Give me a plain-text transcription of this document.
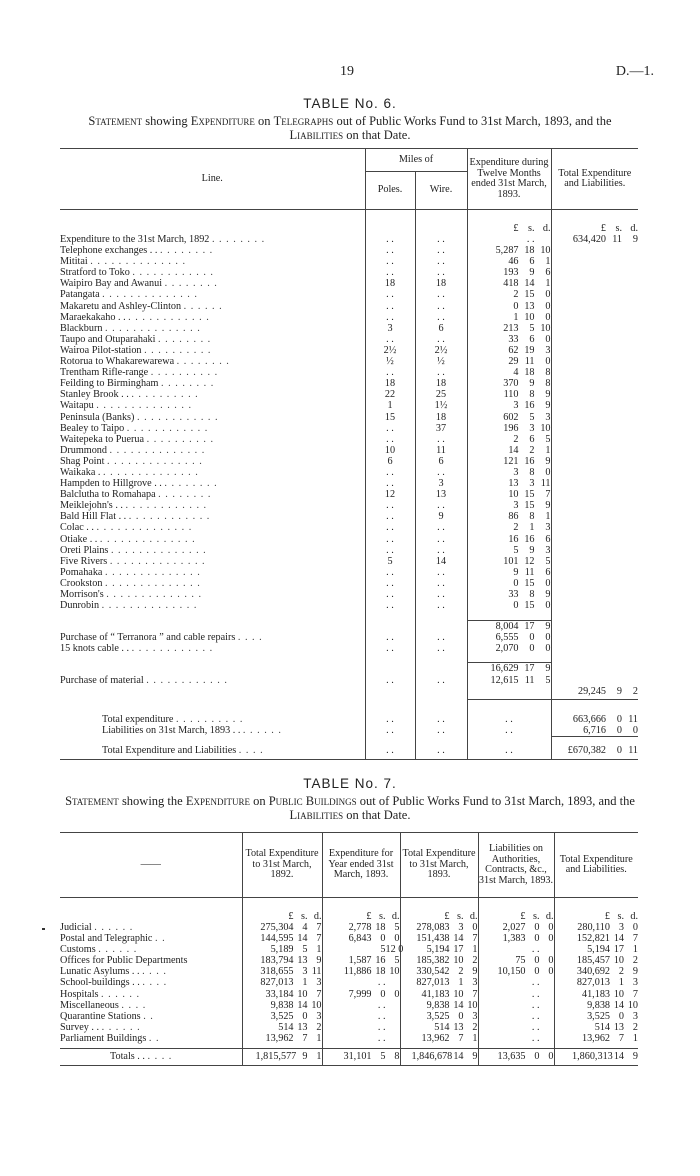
19	D.—1.
TABLE No. 6.
Statement showing Expenditure on Telegraphs out of Public Works Fund to 31st March, 1893, and the Liabilities on that Date.
Line.	Miles of		Expenditure during Twelve Months ended 31st March, 1893.	Total Expenditure and Liabilities.
	Poles.	Wire.		

			£ s. d.	£ s. d.

Expenditure to the 31st March, 1892 . . . . . . . .	. .	. .	. .	634,420 11 9

Telephone exchanges . . . . . . . . . .	. .	. .	5,287 18 10	

Mititai . . . . . . . . . . . . . .	. .	. .	46 6 1	

Stratford to Toko . . . . . . . . . . . .	. .	. .	193 9 6	

Waipiro Bay and Awanui . . . . . . . .	18	18	418 14 1	

Patangata . . . . . . . . . . . . . .	. .	. .	2 15 0	

Makaretu and Ashley-Clinton . . . . . .	. .	. .	0 13 0	

Maraekakaho . . . . . . . . . . . . . .	. .	. .	1 10 0	

Blackburn . . . . . . . . . . . . . .	3	6	213 5 10	

Taupo and Otuparahaki . . . . . . . .	. .	. .	33 6 0	

Wairoa Pilot-station . . . . . . . . . .	2½	2½	62 19 3	

Rotorua to Whakarewarewa . . . . . . . .	½	½	29 11 0	

Trentham Rifle-range . . . . . . . . . .	. .	. .	4 18 8	

Feilding to Birmingham . . . . . . . .	18	18	370 9 8	

Stanley Brook . . . . . . . . . . . .	22	25	110 8 9	

Waitapu . . . . . . . . . . . . . .	1	1½	3 16 9	

Peninsula (Banks) . . . . . . . . . . . .	15	18	602 5 3	

Bealey to Taipo . . . . . . . . . . . .	. .	37	196 3 10	

Waitepeka to Puerua . . . . . . . . . .	. .	. .	2 6 5	

Drummond . . . . . . . . . . . . . .	10	11	14 2 1	

Shag Point . . . . . . . . . . . . . .	6	6	121 16 9	

Waikaka . . . . . . . . . . . . . . .	. .	. .	3 8 0	

Hampden to Hillgrove . . . . . . . . . .	. .	3	13 3 11	

Balclutha to Romahapa . . . . . . . .	12	13	10 15 7	

Meiklejohn's . . . . . . . . . . . . . .	. .	. .	3 15 9	

Bald Hill Flat . . . . . . . . . . . . . .	. .	9	86 8 1	

Colac . . . . . . . . . . . . . . . .	. .	. .	2 1 3	

Otiake . . . . . . . . . . . . . . . .	. .	. .	16 16 6	

Oreti Plains . . . . . . . . . . . . . .	. .	. .	5 9 3	

Five Rivers . . . . . . . . . . . . . .	5	14	101 12 5	

Pomahaka . . . . . . . . . . . . . .	. .	. .	9 11 6	

Crookston . . . . . . . . . . . . . .	. .	. .	0 15 0	

Morrison's . . . . . . . . . . . . . .	. .	. .	33 8 9	

Dunrobin . . . . . . . . . . . . . .	. .	. .	0 15 0	

			8,004 17 9	

Purchase of “ Terranora ” and cable repairs . . . .	. .	. .	6,555 0 0	

15 knots cable . . . . . . . . . . . . . .	. .	. .	2,070 0 0	

			16,629 17 9	

Purchase of material . . . . . . . . . . . .	. .	. .	12,615 11 5	

				29,245 9 2

Total expenditure . . . . . . . . . .	. .	. .	. .	663,666 0 11

Liabilities on 31st March, 1893 . . . . . . . .	. .	. .	. .	6,716 0 0

Total Expenditure and Liabilities . . . .	. .	. .	. .	£670,382 0 11
TABLE No. 7.
Statement showing the Expenditure on Public Buildings out of Public Works Fund to 31st March, 1893, and the Liabilities on that Date.
——	Total Expenditure to 31st March, 1892.	Expenditure for Year ended 31st March, 1893.	Total Expenditure to 31st March, 1893.	Liabilities on Authorities, Contracts, &c., 31st March, 1893.	Total Expenditure and Liabilities.

	£ s. d.	£ s. d.	£ s. d.	£ s. d.	£ s. d.

Judicial . . . . . .	275,304 4 7	2,778 18 5	278,083 3 0	2,027 0 0	280,110 3 0

Postal and Telegraphic . .	144,595 14 7	6,843 0 0	151,438 14 7	1,383 0 0	152,821 14 7

Customs . . . . . .	5,189 5 1	5 12 0	5,194 17 1	. .	5,194 17 1

Offices for Public Departments	183,794 13 9	1,587 16 5	185,382 10 2	75 0 0	185,457 10 2

Lunatic Asylums . . . . . .	318,655 3 11	11,886 18 10	330,542 2 9	10,150 0 0	340,692 2 9

School-buildings . . . . . .	827,013 1 3	. .	827,013 1 3	. .	827,013 1 3

Hospitals . . . . . .	33,184 10 7	7,999 0 0	41,183 10 7	. .	41,183 10 7

Miscellaneous . . . .	9,838 14 10	. .	9,838 14 10	. .	9,838 14 10

Quarantine Stations . .	3,525 0 3	. .	3,525 0 3	. .	3,525 0 3

Survey . . . . . . . .	514 13 2	. .	514 13 2	. .	514 13 2

Parliament Buildings . .	13,962 7 1	. .	13,962 7 1	. .	13,962 7 1

Totals . . . . . .	1,815,577 9 1	31,101 5 8	1,846,678 14 9	13,635 0 0	1,860,313 14 9
